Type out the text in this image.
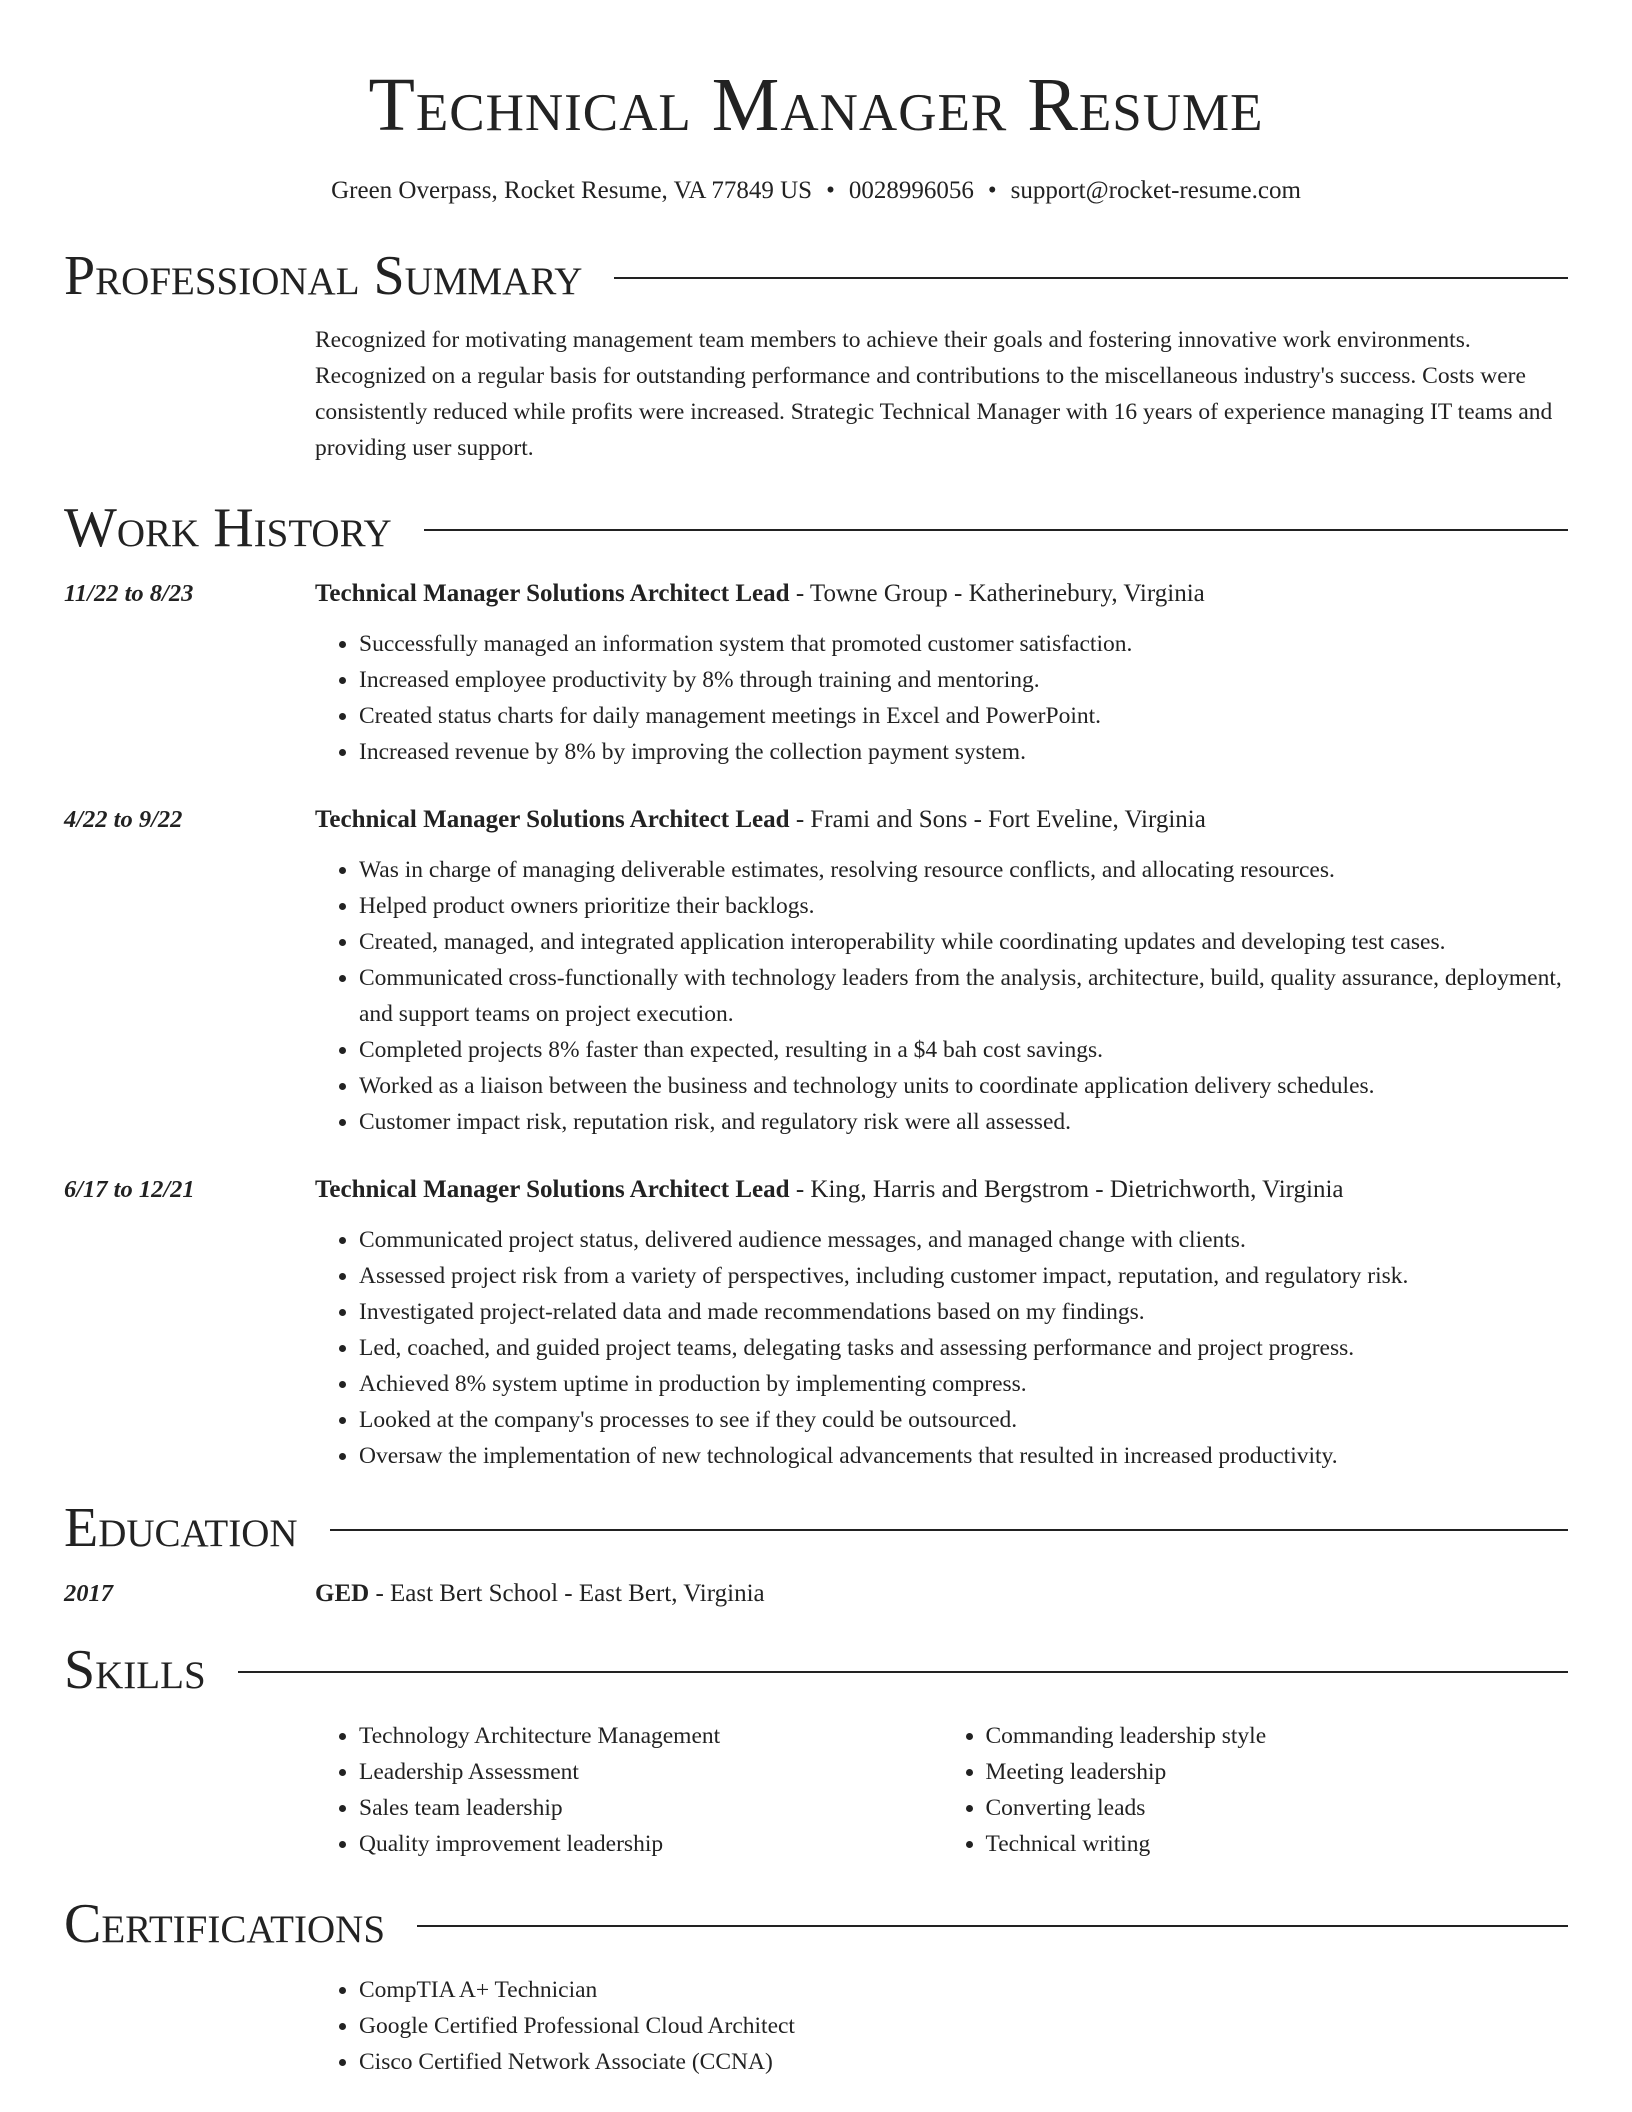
Technical Manager Resume
Green Overpass, Rocket Resume, VA 77849 US • 0028996056 • support@rocket-resume.com
Professional Summary
Recognized for motivating management team members to achieve their goals and fostering innovative work environments. Recognized on a regular basis for outstanding performance and contributions to the miscellaneous industry's success. Costs were consistently reduced while profits were increased. Strategic Technical Manager with 16 years of experience managing IT teams and providing user support.
Work History
11/22 to 8/23	Technical Manager Solutions Architect Lead - Towne Group - Katherinebury, Virginia
• Successfully managed an information system that promoted customer satisfaction.
• Increased employee productivity by 8% through training and mentoring.
• Created status charts for daily management meetings in Excel and PowerPoint.
• Increased revenue by 8% by improving the collection payment system.
4/22 to 9/22	Technical Manager Solutions Architect Lead - Frami and Sons - Fort Eveline, Virginia
• Was in charge of managing deliverable estimates, resolving resource conflicts, and allocating resources.
• Helped product owners prioritize their backlogs.
• Created, managed, and integrated application interoperability while coordinating updates and developing test cases.
• Communicated cross-functionally with technology leaders from the analysis, architecture, build, quality assurance, deployment, and support teams on project execution.
• Completed projects 8% faster than expected, resulting in a $4 bah cost savings.
• Worked as a liaison between the business and technology units to coordinate application delivery schedules.
• Customer impact risk, reputation risk, and regulatory risk were all assessed.
6/17 to 12/21	Technical Manager Solutions Architect Lead - King, Harris and Bergstrom - Dietrichworth, Virginia
• Communicated project status, delivered audience messages, and managed change with clients.
• Assessed project risk from a variety of perspectives, including customer impact, reputation, and regulatory risk.
• Investigated project-related data and made recommendations based on my findings.
• Led, coached, and guided project teams, delegating tasks and assessing performance and project progress.
• Achieved 8% system uptime in production by implementing compress.
• Looked at the company's processes to see if they could be outsourced.
• Oversaw the implementation of new technological advancements that resulted in increased productivity.
Education
2017	GED - East Bert School - East Bert, Virginia
Skills
• Technology Architecture Management
• Leadership Assessment
• Sales team leadership
• Quality improvement leadership
• Commanding leadership style
• Meeting leadership
• Converting leads
• Technical writing
Certifications
• CompTIA A+ Technician
• Google Certified Professional Cloud Architect
• Cisco Certified Network Associate (CCNA)
